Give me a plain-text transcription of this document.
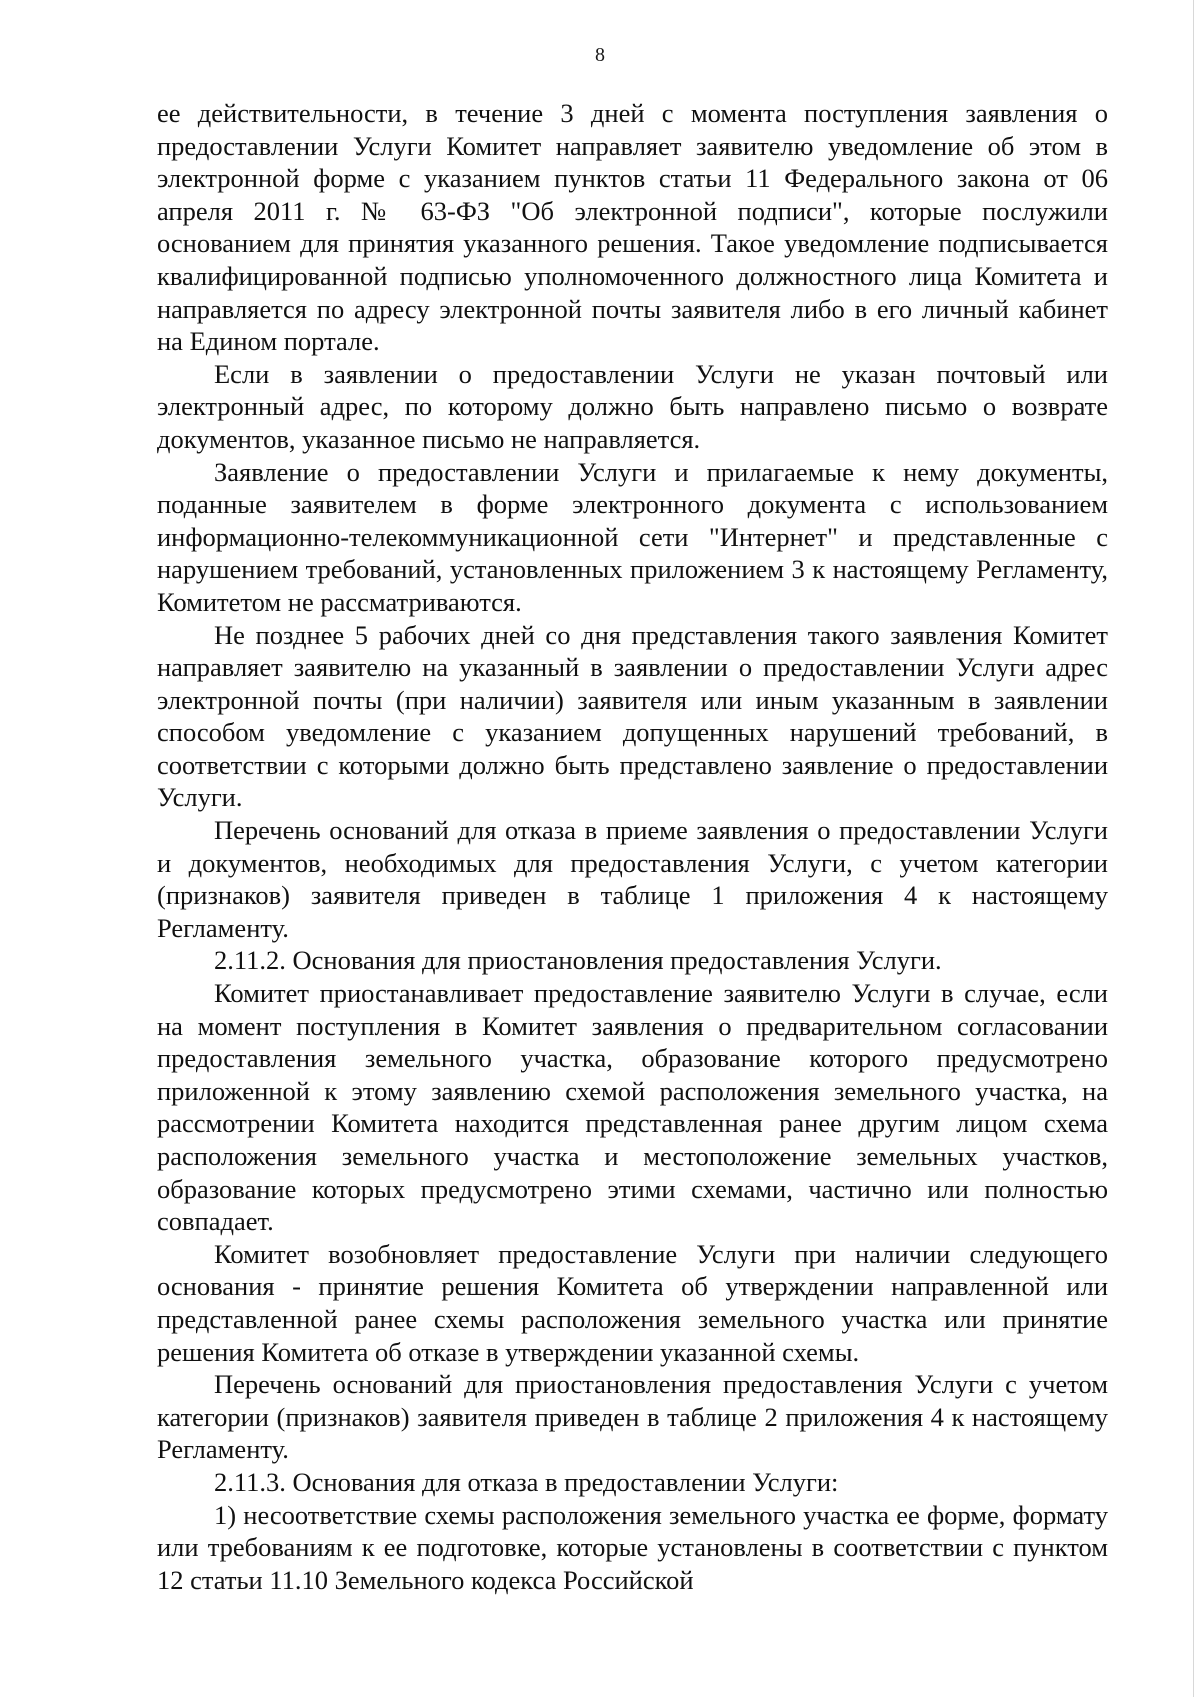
8

ее действительности, в течение 3 дней с момента поступления заявления о предоставлении Услуги Комитет направляет заявителю уведомление об этом в электронной форме с указанием пунктов статьи 11 Федерального закона от 06 апреля 2011 г. № 63-ФЗ "Об электронной подписи", которые послужили основанием для принятия указанного решения. Такое уведомление подписывается квалифицированной подписью уполномоченного должностного лица Комитета и направляется по адресу электронной почты заявителя либо в его личный кабинет на Едином портале.

Если в заявлении о предоставлении Услуги не указан почтовый или электронный адрес, по которому должно быть направлено письмо о возврате документов, указанное письмо не направляется.

Заявление о предоставлении Услуги и прилагаемые к нему документы, поданные заявителем в форме электронного документа с использованием информационно-телекоммуникационной сети "Интернет" и представленные с нарушением требований, установленных приложением 3 к настоящему Регламенту, Комитетом не рассматриваются.

Не позднее 5 рабочих дней со дня представления такого заявления Комитет направляет заявителю на указанный в заявлении о предоставлении Услуги адрес электронной почты (при наличии) заявителя или иным указанным в заявлении способом уведомление с указанием допущенных нарушений требований, в соответствии с которыми должно быть представлено заявление о предоставлении Услуги.

Перечень оснований для отказа в приеме заявления о предоставлении Услуги и документов, необходимых для предоставления Услуги, с учетом категории (признаков) заявителя приведен в таблице 1 приложения 4 к настоящему Регламенту.

2.11.2. Основания для приостановления предоставления Услуги.

Комитет приостанавливает предоставление заявителю Услуги в случае, если на момент поступления в Комитет заявления о предварительном согласовании предоставления земельного участка, образование которого предусмотрено приложенной к этому заявлению схемой расположения земельного участка, на рассмотрении Комитета находится представленная ранее другим лицом схема расположения земельного участка и местоположение земельных участков, образование которых предусмотрено этими схемами, частично или полностью совпадает.

Комитет возобновляет предоставление Услуги при наличии следующего основания - принятие решения Комитета об утверждении направленной или представленной ранее схемы расположения земельного участка или принятие решения Комитета об отказе в утверждении указанной схемы.

Перечень оснований для приостановления предоставления Услуги с учетом категории (признаков) заявителя приведен в таблице 2 приложения 4 к настоящему Регламенту.

2.11.3. Основания для отказа в предоставлении Услуги:

1) несоответствие схемы расположения земельного участка ее форме, формату или требованиям к ее подготовке, которые установлены в соответствии с пунктом 12 статьи 11.10 Земельного кодекса Российской
